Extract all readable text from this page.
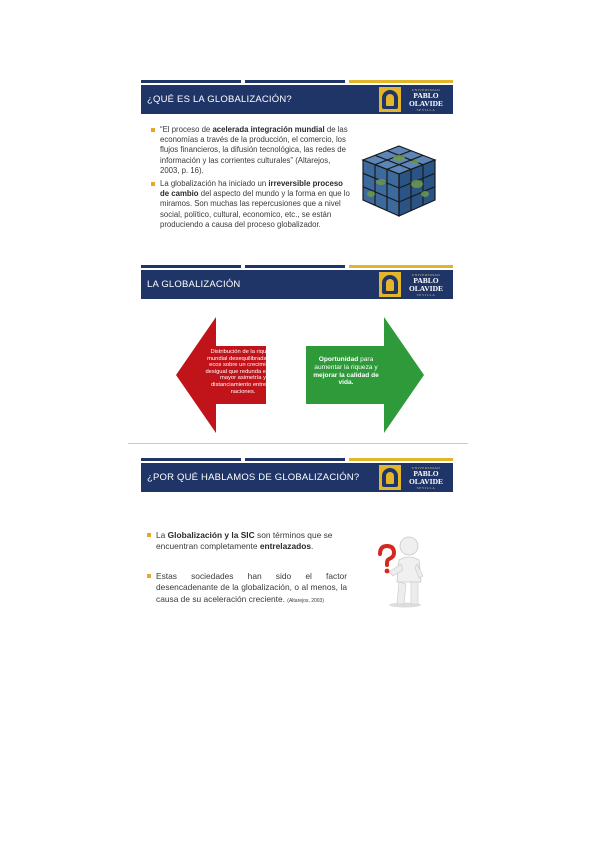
¿QUÉ ES LA GLOBALIZACIÓN?
UNIVERSIDAD
PABLO
OLAVIDE
SEVILLA
“El proceso de acelerada integración mundial de las economías a través de la producción, el comercio, los flujos financieros, la difusión tecnológica, las redes de información y las corrientes culturales” (Altarejos, 2003, p. 16).
La globalización ha iniciado un irreversible proceso de cambio del aspecto del mundo y la forma en que lo miramos. Son muchas las repercusiones que a nivel social, político, cultural, economico, etc., se están produciendo a causa del proceso globalizador.
LA GLOBALIZACIÓN
UNIVERSIDAD
PABLO
OLAVIDE
SEVILLA
Distribución de la riqueza mundial desequilibrada, sus ecos sobre un crecimiento desigual que redunda en una mayor asimetría y distanciamiento entre las naciones.
Oportunidad para aumentar la riqueza y mejorar la calidad de vida.
¿POR QUÉ HABLAMOS DE GLOBALIZACIÓN?
UNIVERSIDAD
PABLO
OLAVIDE
SEVILLA
La Globalización y la SIC son términos que se encuentran completamente entrelazados.
Estas sociedades han sido el factor desencadenante de la globalización, o al menos, la causa de su aceleración creciente. (Altarejos, 2003)
